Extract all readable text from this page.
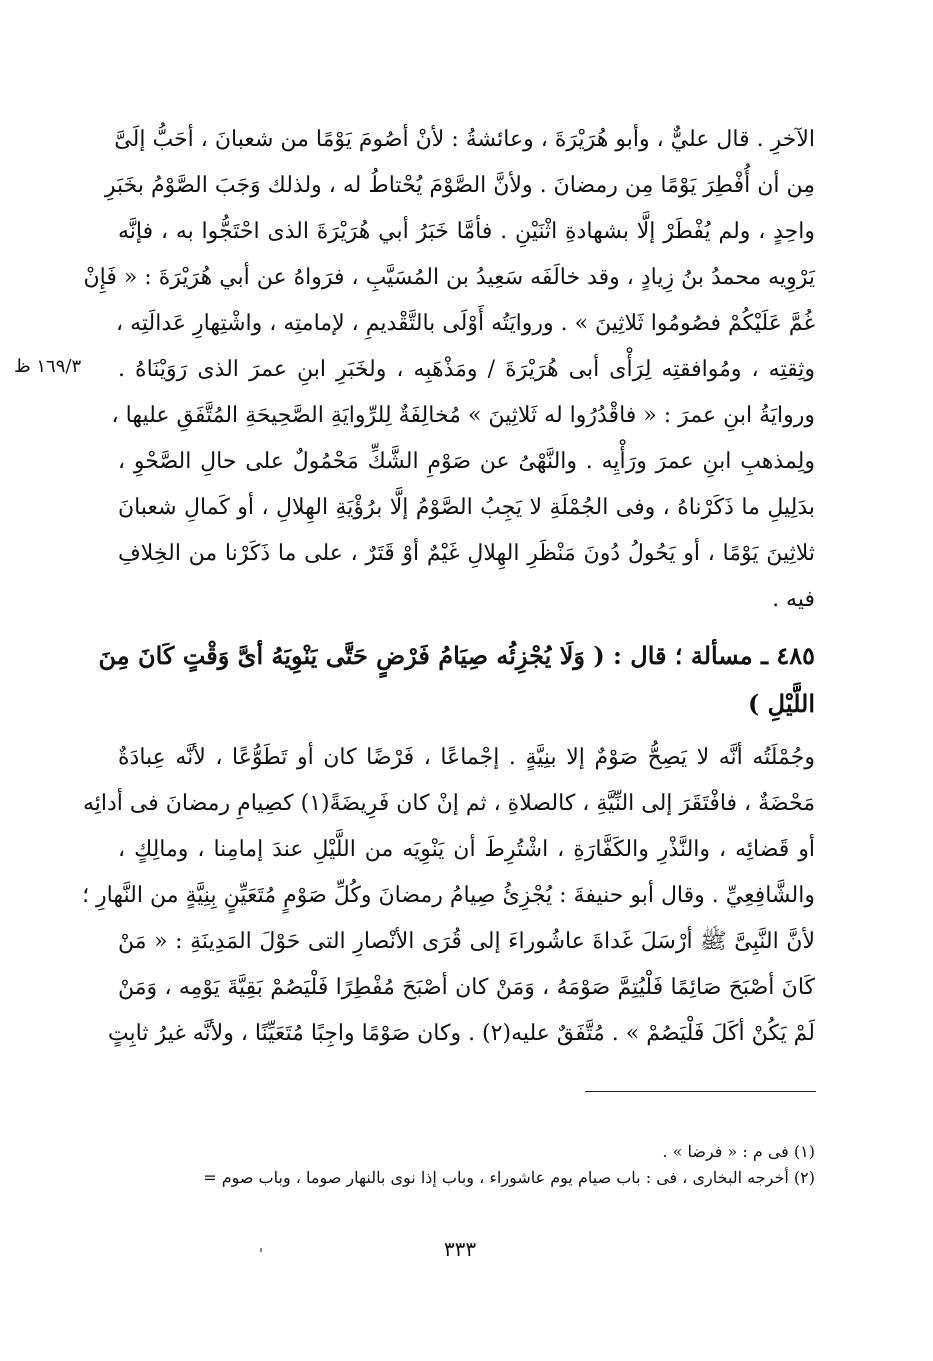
الآخرِ . قال عليٌّ ، وأبو هُرَيْرَةَ ، وعائشةُ : لأنْ أصُومَ يَوْمًا من شعبانَ ، أحَبُّ إلَىَّ
مِن أن أُفْطِرَ يَوْمًا مِن رمضانَ . ولأنَّ الصَّوْمَ يُحْتاطُ له ، ولذلك وَجَبَ الصَّوْمُ بخَبَرِ
واحِدٍ ، ولم يُفْطَرْ إلَّا بشهادةِ اثْنَيْنِ . فأمَّا خَبَرُ أبي هُرَيْرَةَ الذى احْتَجُّوا به ، فإنَّه
يَرْوِيه محمدُ بنُ زِيادٍ ، وقد خالَفَه سَعِيدُ بن المُسَيَّبِ ، فرَواهُ عن أبي هُرَيْرَةَ : « فَإِنْ
غُمَّ عَلَيْكُمْ فصُومُوا ثَلاثِينَ » . وروايَتُه أَوْلَى بالتَّقْديمِ ، لإمامتِه ، واشْتِهارِ عَدالَتِه ،
وثِقتِه ، ومُوافقتِه لِرَأْى أبى هُرَيْرَةَ / ومَذْهَبِه ، ولخَبَرِ ابنِ عمرَ الذى رَوَيْنَاهُ .
وروايَةُ ابنِ عمرَ : « فاقْدُرُوا له ثَلاثِينَ » مُخالِفَةٌ لِلرِّوايَةِ الصَّحِيحَةِ المُتَّفَقِ عليها ،
ولِمذهبِ ابنِ عمرَ ورَأْيِه . والنَّهْىُ عن صَوْمِ الشَّكِّ مَحْمُولٌ على حالِ الصَّحْوِ ،
بدَلِيلِ ما ذَكَرْناهُ ، وفى الجُمْلَةِ لا يَجِبُ الصَّوْمُ إلَّا برُؤْيَةِ الهِلالِ ، أو كَمالِ شعبانَ
ثلاثِينَ يَوْمًا ، أو يَحُولُ دُونَ مَنْظَرِ الهِلالِ غَيْمٌ أوْ قَتَرٌ ، على ما ذَكَرْنا من الخِلافِ
فيه .
١٦٩/٣ ظ
٤٨٥ ـ مسألة ؛ قال : ( وَلَا يُجْزِئُه صِيَامُ فَرْضٍ حَتَّى يَنْوِيَهُ أىَّ وَقْتٍ كَانَ مِنَ
اللَّيْلِ )
وجُمْلَتُه أنَّه لا يَصِحُّ صَوْمٌ إلا بنِيَّةٍ . إجْماعًا ، فَرْضًا كان أو تَطَوُّعًا ، لأنَّه عِبادَةٌ
مَحْضَةٌ ، فافْتَقَرَ إلى النِّيَّةِ ، كالصلاةِ ، ثم إنْ كان فَرِيضَةً(١) كصِيامِ رمضانَ فى أدائِه
أو قَضائِه ، والنَّذْرِ والكَفَّارَةِ ، اشْتُرِطَ أن يَنْوِيَه من اللَّيْلِ عندَ إمامِنا ، ومالِكٍ ،
والشَّافِعِيِّ . وقال أبو حنيفةَ : يُجْزِئُ صِيامُ رمضانَ وكُلِّ صَوْمٍ مُتَعَيِّنٍ بِنِيَّةٍ من النَّهارِ ؛
لأنَّ النَّبِىَّ ﷺ أرْسَلَ غَداةَ عاشُوراءَ إلى قُرَى الأنْصارِ التى حَوْلَ المَدِينَةِ : « مَنْ
كَانَ أصْبَحَ صَائِمًا فَلْيُتِمَّ صَوْمَهُ ، وَمَنْ كان أصْبَحَ مُفْطِرًا فَلْيَصُمْ بَقِيَّةَ يَوْمِه ، وَمَنْ
لَمْ يَكُنْ أكَلَ فَلْيَصُمْ » . مُتَّفَقٌ عليه(٢) . وكان صَوْمًا واجِبًا مُتَعَيِّنًا ، ولأنَّه غيرُ ثابِتٍ
(١) فى م : « فرضا » .
(٢) أخرجه البخارى ، فى : باب صيام يوم عاشوراء ، وباب إذا نوى بالنهار صوما ، وباب صوم =
٣٣٣
